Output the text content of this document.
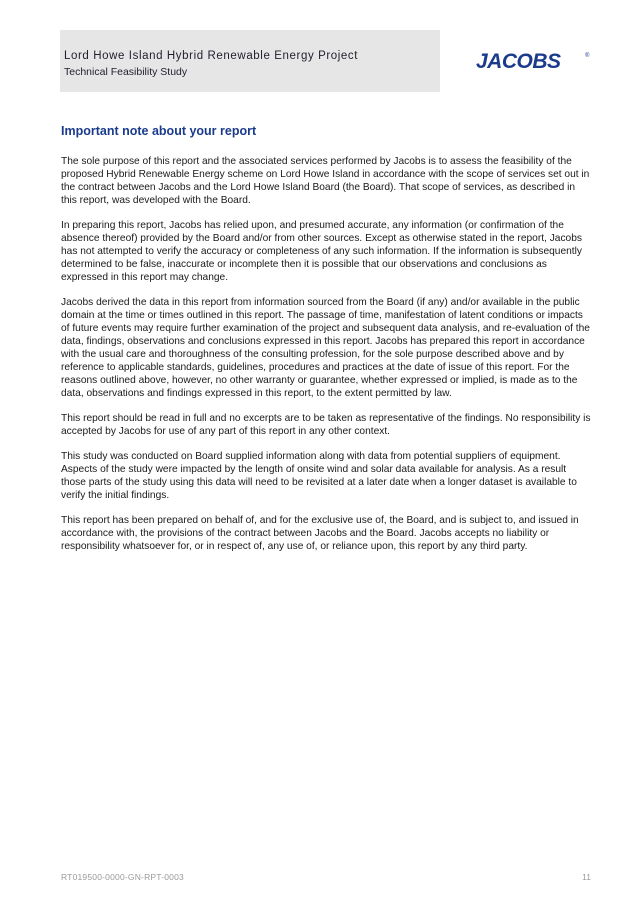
Lord Howe Island Hybrid Renewable Energy Project
Technical Feasibility Study	JACOBS	®
Important note about your report

The sole purpose of this report and the associated services performed by Jacobs is to assess the feasibility of the proposed Hybrid Renewable Energy scheme on Lord Howe Island in accordance with the scope of services set out in the contract between Jacobs and the Lord Howe Island Board (the Board). That scope of services, as described in this report, was developed with the Board.

In preparing this report, Jacobs has relied upon, and presumed accurate, any information (or confirmation of the absence thereof) provided by the Board and/or from other sources. Except as otherwise stated in the report, Jacobs has not attempted to verify the accuracy or completeness of any such information. If the information is subsequently determined to be false, inaccurate or incomplete then it is possible that our observations and conclusions as expressed in this report may change.

Jacobs derived the data in this report from information sourced from the Board (if any) and/or available in the public domain at the time or times outlined in this report. The passage of time, manifestation of latent conditions or impacts of future events may require further examination of the project and subsequent data analysis, and re-evaluation of the data, findings, observations and conclusions expressed in this report. Jacobs has prepared this report in accordance with the usual care and thoroughness of the consulting profession, for the sole purpose described above and by reference to applicable standards, guidelines, procedures and practices at the date of issue of this report. For the reasons outlined above, however, no other warranty or guarantee, whether expressed or implied, is made as to the data, observations and findings expressed in this report, to the extent permitted by law.

This report should be read in full and no excerpts are to be taken as representative of the findings. No responsibility is accepted by Jacobs for use of any part of this report in any other context.

This study was conducted on Board supplied information along with data from potential suppliers of equipment. Aspects of the study were impacted by the length of onsite wind and solar data available for analysis. As a result those parts of the study using this data will need to be revisited at a later date when a longer dataset is available to verify the initial findings.

This report has been prepared on behalf of, and for the exclusive use of, the Board, and is subject to, and issued in accordance with, the provisions of the contract between Jacobs and the Board. Jacobs accepts no liability or responsibility whatsoever for, or in respect of, any use of, or reliance upon, this report by any third party.

RT019500-0000-GN-RPT-0003	11
